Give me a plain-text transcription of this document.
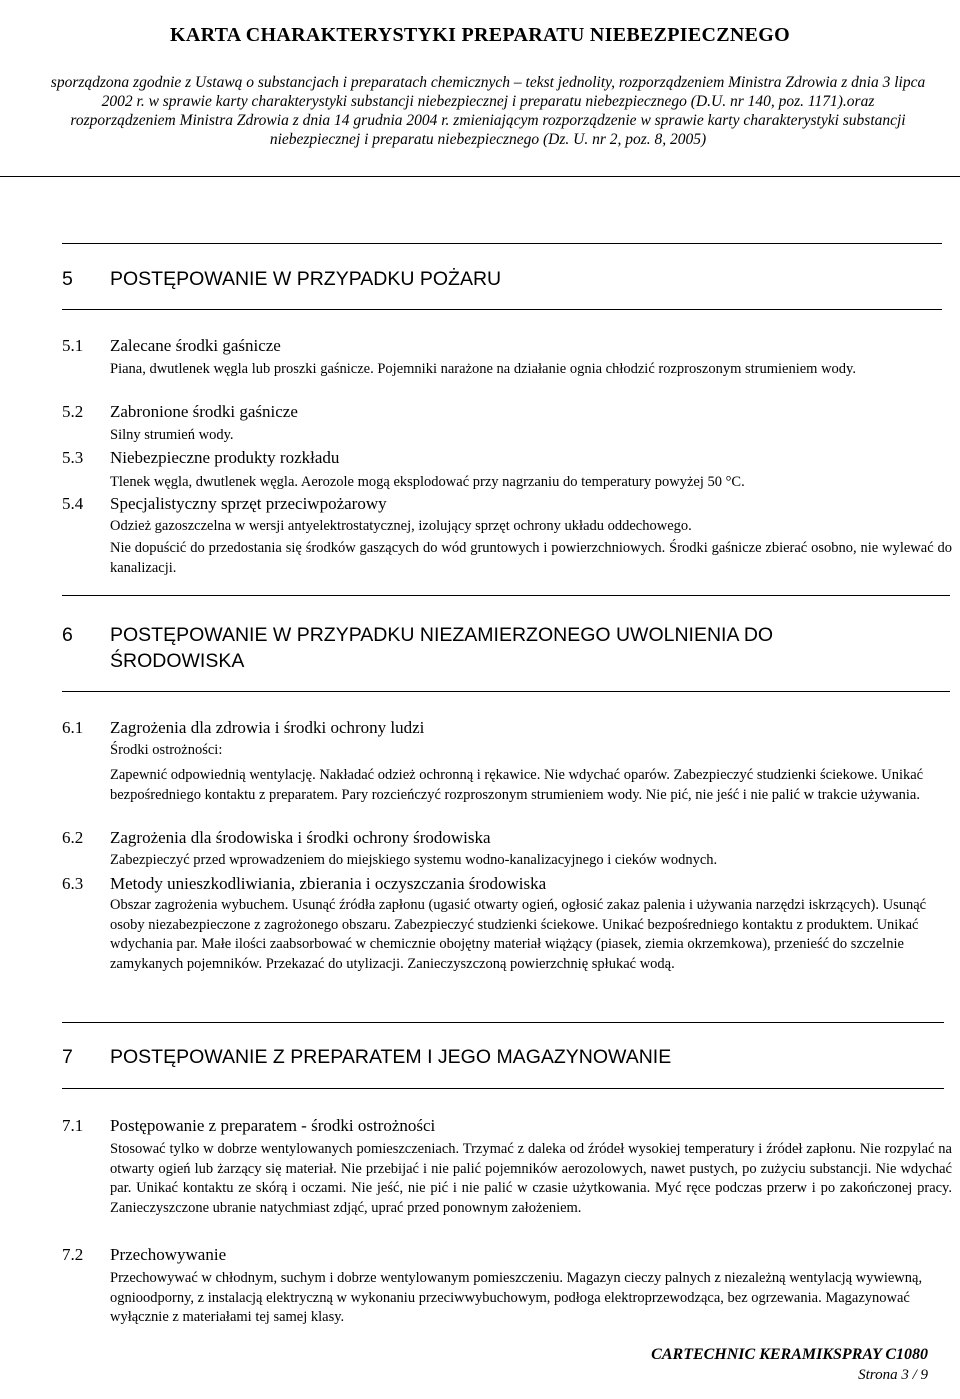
KARTA CHARAKTERYSTYKI PREPARATU NIEBEZPIECZNEGO
sporządzona zgodnie z Ustawą o substancjach i preparatach chemicznych – tekst jednolity, rozporządzeniem Ministra Zdrowia z dnia 3 lipca 2002 r. w sprawie karty charakterystyki substancji niebezpiecznej i preparatu niebezpiecznego (D.U. nr 140, poz. 1171).oraz rozporządzeniem Ministra Zdrowia z dnia 14 grudnia 2004 r. zmieniającym rozporządzenie w sprawie karty charakterystyki substancji niebezpiecznej i preparatu niebezpiecznego (Dz. U. nr 2, poz. 8, 2005)
5 POSTĘPOWANIE W PRZYPADKU POŻARU
5.1 Zalecane środki gaśnicze
Piana, dwutlenek węgla lub proszki gaśnicze. Pojemniki narażone na działanie ognia chłodzić rozproszonym strumieniem wody.
5.2 Zabronione środki gaśnicze
Silny strumień wody.
5.3 Niebezpieczne produkty rozkładu
Tlenek węgla, dwutlenek węgla. Aerozole mogą eksplodować przy nagrzaniu do temperatury powyżej 50 °C.
5.4 Specjalistyczny sprzęt przeciwpożarowy
Odzież gazoszczelna w wersji antyelektrostatycznej, izolujący sprzęt ochrony układu oddechowego.
Nie dopuścić do przedostania się środków gaszących do wód gruntowych i powierzchniowych. Środki gaśnicze zbierać osobno, nie wylewać do kanalizacji.
6 POSTĘPOWANIE W PRZYPADKU NIEZAMIERZONEGO UWOLNIENIA DO
ŚRODOWISKA
6.1 Zagrożenia dla zdrowia i środki ochrony ludzi
Środki ostrożności:
Zapewnić odpowiednią wentylację. Nakładać odzież ochronną i rękawice. Nie wdychać oparów. Zabezpieczyć studzienki ściekowe. Unikać bezpośredniego kontaktu z preparatem. Pary rozcieńczyć rozproszonym strumieniem wody. Nie pić, nie jeść i nie palić w trakcie używania.
6.2 Zagrożenia dla środowiska i środki ochrony środowiska
Zabezpieczyć przed wprowadzeniem do miejskiego systemu wodno-kanalizacyjnego i cieków wodnych.
6.3 Metody unieszkodliwiania, zbierania i oczyszczania środowiska
Obszar zagrożenia wybuchem. Usunąć źródła zapłonu (ugasić otwarty ogień, ogłosić zakaz palenia i używania narzędzi iskrzących). Usunąć osoby niezabezpieczone z zagrożonego obszaru. Zabezpieczyć studzienki ściekowe. Unikać bezpośredniego kontaktu z produktem. Unikać wdychania par. Małe ilości zaabsorbować w chemicznie obojętny materiał wiążący (piasek, ziemia okrzemkowa), przenieść do szczelnie zamykanych pojemników. Przekazać do utylizacji. Zanieczyszczoną powierzchnię spłukać wodą.
7 POSTĘPOWANIE Z PREPARATEM I JEGO MAGAZYNOWANIE
7.1 Postępowanie z preparatem - środki ostrożności
Stosować tylko w dobrze wentylowanych pomieszczeniach. Trzymać z daleka od źródeł wysokiej temperatury i źródeł zapłonu. Nie rozpylać na otwarty ogień lub żarzący się materiał. Nie przebijać i nie palić pojemników aerozolowych, nawet pustych, po zużyciu substancji. Nie wdychać par. Unikać kontaktu ze skórą i oczami. Nie jeść, nie pić i nie palić w czasie użytkowania. Myć ręce podczas przerw i po zakończonej pracy. Zanieczyszczone ubranie natychmiast zdjąć, uprać przed ponownym założeniem.
7.2 Przechowywanie
Przechowywać w chłodnym, suchym i dobrze wentylowanym pomieszczeniu. Magazyn cieczy palnych z niezależną wentylacją wywiewną, ognioodporny, z instalacją elektryczną w wykonaniu przeciwwybuchowym, podłoga elektroprzewodząca, bez ogrzewania. Magazynować wyłącznie z materiałami tej samej klasy.
CARTECHNIC KERAMIKSPRAY C1080
Strona 3 / 9
